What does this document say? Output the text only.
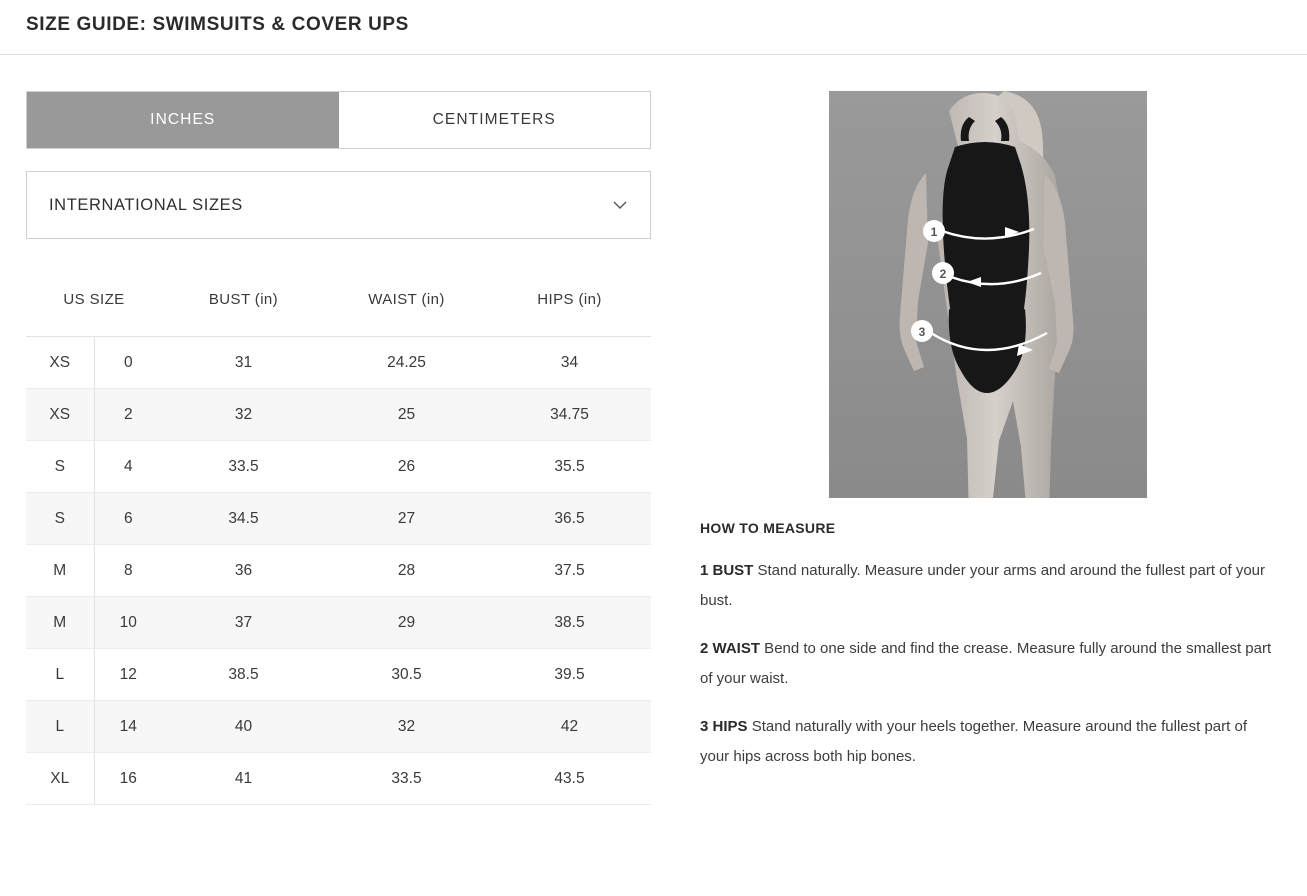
SIZE GUIDE: SWIMSUITS & COVER UPS
INCHES	CENTIMETERS
INTERNATIONAL SIZES
US SIZE		BUST (in)	WAIST (in)	HIPS (in)
XS	0	31	24.25	34
XS	2	32	25	34.75
S	4	33.5	26	35.5
S	6	34.5	27	36.5
M	8	36	28	37.5
M	10	37	29	38.5
L	12	38.5	30.5	39.5
L	14	40	32	42
XL	16	41	33.5	43.5
1
2
3
HOW TO MEASURE
1 BUST Stand naturally. Measure under your arms and around the fullest part of your bust.
2 WAIST Bend to one side and find the crease. Measure fully around the smallest part of your waist.
3 HIPS Stand naturally with your heels together. Measure around the fullest part of your hips across both hip bones.
